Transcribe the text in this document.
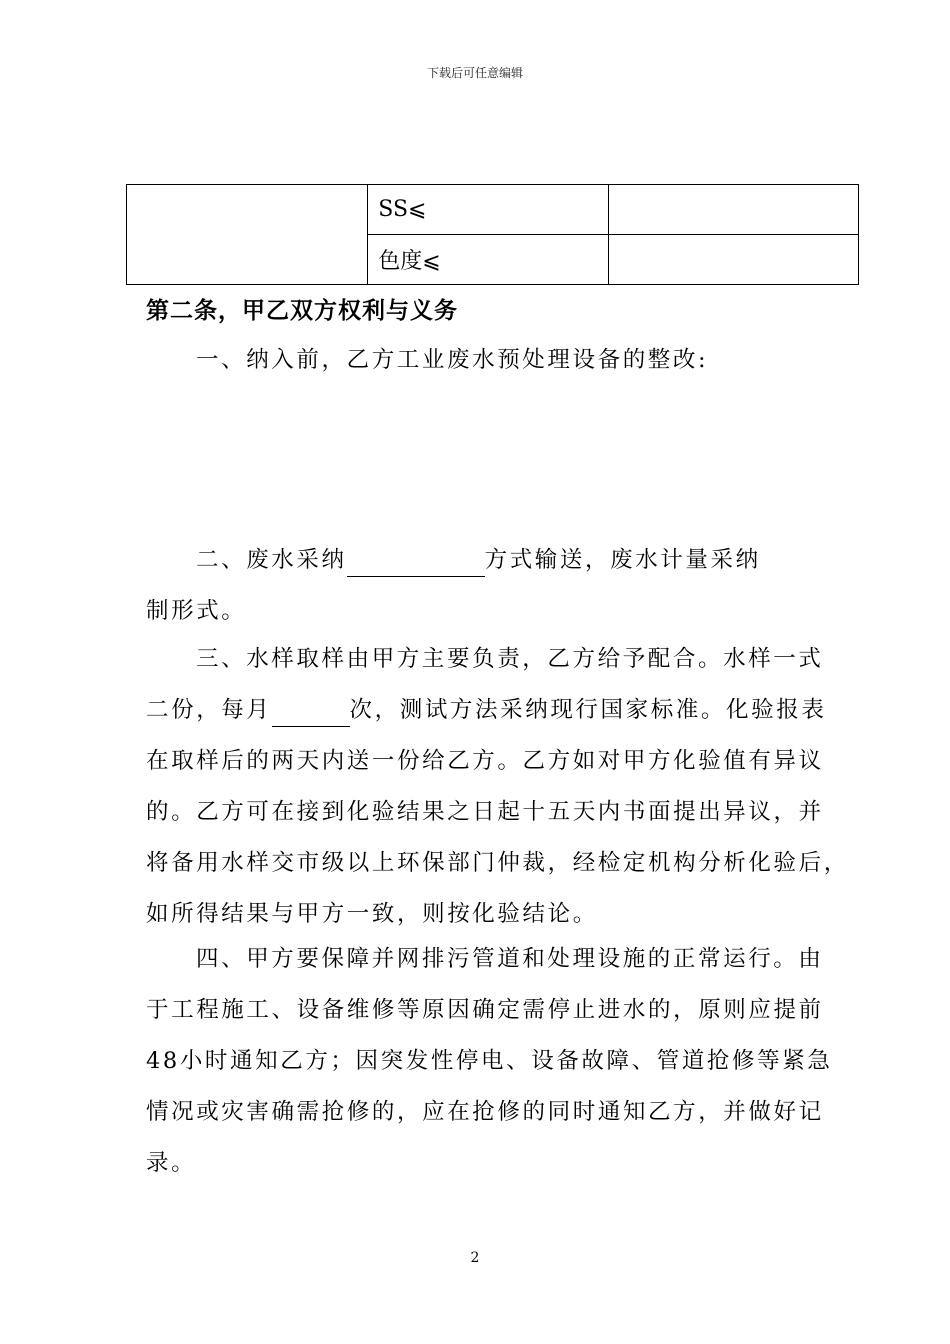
下载后可任意编辑
	SS⩽	
	色度⩽	
第二条，甲乙双方权利与义务
一、纳入前，乙方工业废水预处理设备的整改:
二、废水采纳	方式输送，废水计量采纳
制形式。
三、水样取样由甲方主要负责，乙方给予配合。水样一式
二份，每月	次，测试方法采纳现行国家标准。化验报表
在取样后的两天内送一份给乙方。乙方如对甲方化验值有异议
的。乙方可在接到化验结果之日起十五天内书面提出异议，并
将备用水样交市级以上环保部门仲裁，经检定机构分析化验后，
如所得结果与甲方一致，则按化验结论。
四、甲方要保障并网排污管道和处理设施的正常运行。由
于工程施工、设备维修等原因确定需停止进水的，原则应提前
48小时通知乙方；因突发性停电、设备故障、管道抢修等紧急
情况或灾害确需抢修的，应在抢修的同时通知乙方，并做好记
录。
2
